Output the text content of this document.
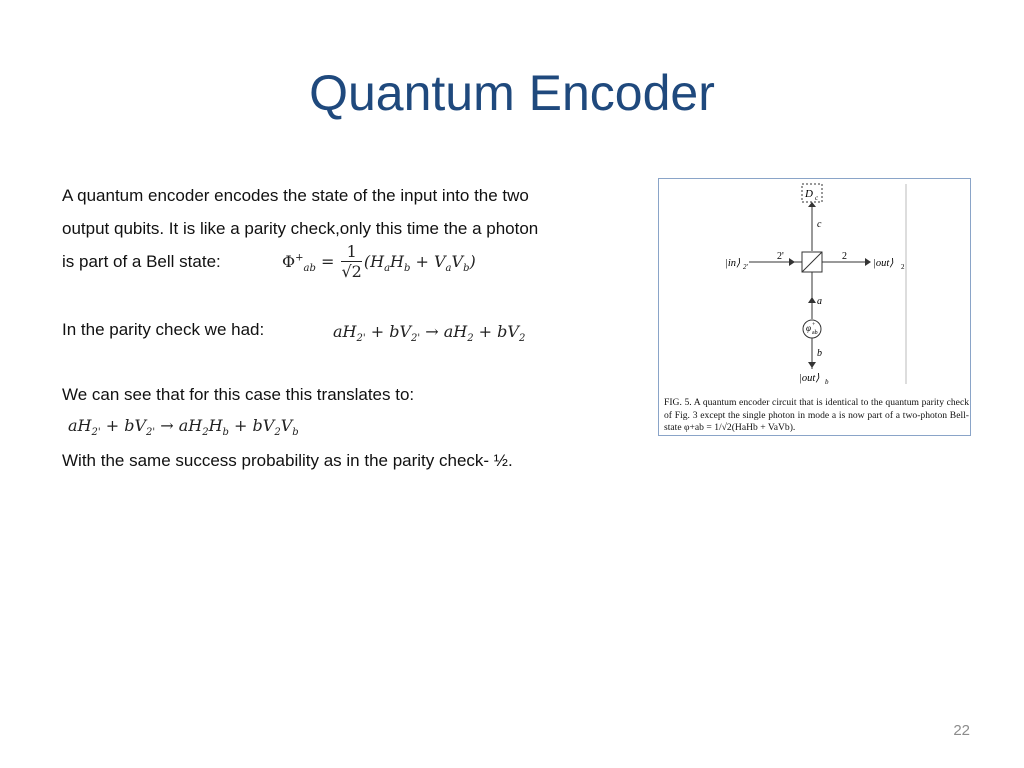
Quantum Encoder
A quantum encoder encodes the state of the input into the two
output qubits. It is like a parity check,only this time the a photon
is part of a Bell state:	$\Phi^+_{ab} = \frac{1}{√2} (H_aH_b + V_aV_b)$
In the parity check we had:	$aH_{2'} + bV_{2'} \to aH_2 + bV_2$
We can see that for this case this translates to:
$aH_{2'} + bV_{2'} \to aH_2H_b + bV_2V_b$
With the same success probability as in the parity check- ½.
D c
c
|in⟩ 2'
2'	2
|out⟩ 2
a
φ +
ab
b
|out⟩ b
FIG. 5. A quantum encoder circuit that is identical to the quantum parity check of Fig. 3 except the single photon in mode a is now part of a two-photon Bell-state φ+ab = 1/√2(HaHb + VaVb).
22
